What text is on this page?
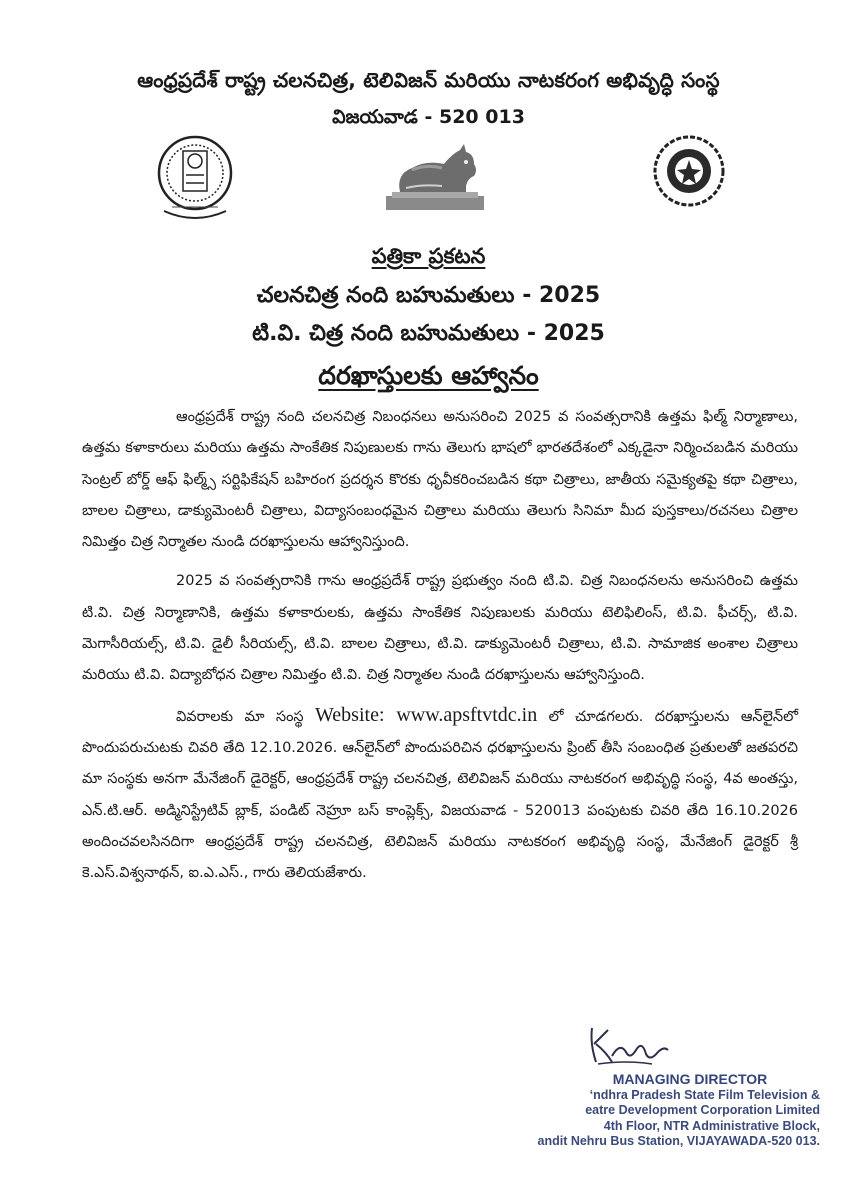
ఆంధ్రప్రదేశ్ రాష్ట్ర చలనచిత్ర, టెలివిజన్ మరియు నాటకరంగ అభివృద్ధి సంస్థ
విజయవాడ - 520 013
పత్రికా ప్రకటన
చలనచిత్ర నంది బహుమతులు - 2025
టి.వి. చిత్ర నంది బహుమతులు - 2025
దరఖాస్తులకు ఆహ్వానం

ఆంధ్రప్రదేశ్ రాష్ట్ర నంది చలనచిత్ర నిబంధనలు అనుసరించి 2025 వ సంవత్సరానికి ఉత్తమ ఫిల్మ్ నిర్మాణాలు, ఉత్తమ కళాకారులు మరియు ఉత్తమ సాంకేతిక నిపుణులకు గాను తెలుగు భాషలో భారతదేశంలో ఎక్కడైనా నిర్మించబడిన మరియు సెంట్రల్ బోర్డ్ ఆఫ్ ఫిల్మ్స్ సర్టిఫికేషన్ బహిరంగ ప్రదర్శన కొరకు ధృవీకరించబడిన కథా చిత్రాలు, జాతీయ సమైక్యతపై కథా చిత్రాలు, బాలల చిత్రాలు, డాక్యుమెంటరీ చిత్రాలు, విద్యాసంబంధమైన చిత్రాలు మరియు తెలుగు సినిమా మీద పుస్తకాలు/రచనలు చిత్రాల నిమిత్తం చిత్ర నిర్మాతల నుండి దరఖాస్తులను ఆహ్వానిస్తుంది.

2025 వ సంవత్సరానికి గాను ఆంధ్రప్రదేశ్ రాష్ట్ర ప్రభుత్వం నంది టి.వి. చిత్ర నిబంధనలను అనుసరించి ఉత్తమ టి.వి. చిత్ర నిర్మాణానికి, ఉత్తమ కళాకారులకు, ఉత్తమ సాంకేతిక నిపుణులకు మరియు టెలిఫిలింస్, టి.వి. ఫీచర్స్, టి.వి. మెగాసీరియల్స్, టి.వి. డైలీ సీరియల్స్, టి.వి. బాలల చిత్రాలు, టి.వి. డాక్యుమెంటరీ చిత్రాలు, టి.వి. సామాజిక అంశాల చిత్రాలు మరియు టి.వి. విద్యాబోధన చిత్రాల నిమిత్తం టి.వి. చిత్ర నిర్మాతల నుండి దరఖాస్తులను ఆహ్వానిస్తుంది.

వివరాలకు మా సంస్థ Website: www.apsftvtdc.in లో చూడగలరు. దరఖాస్తులను ఆన్‌లైన్‌లో పొందుపరుచుటకు చివరి తేది 12.10.2026. ఆన్‌లైన్‌లో పొందుపరిచిన ధరఖాస్తులను ప్రింట్ తీసి సంబంధిత ప్రతులతో జతపరచి మా సంస్థకు అనగా మేనేజింగ్ డైరెక్టర్, ఆంధ్రప్రదేశ్ రాష్ట్ర చలనచిత్ర, టెలివిజన్ మరియు నాటకరంగ అభివృద్ధి సంస్థ, 4వ అంతస్తు, ఎన్.టి.ఆర్. అడ్మినిస్ట్రేటివ్ బ్లాక్, పండిట్ నెహ్రూ బస్ కాంప్లెక్స్, విజయవాడ - 520013 పంపుటకు చివరి తేది 16.10.2026 అందించవలసినదిగా ఆంధ్రప్రదేశ్ రాష్ట్ర చలనచిత్ర, టెలివిజన్ మరియు నాటకరంగ అభివృద్ధి సంస్థ, మేనేజింగ్ డైరెక్టర్ శ్రీ కె.ఎస్.విశ్వనాథన్, ఐ.ఎ.ఎస్., గారు తెలియజేశారు.

MANAGING DIRECTOR
‘ndhra Pradesh State Film Television &
eatre Development Corporation Limited
4th Floor, NTR Administrative Block,
andit Nehru Bus Station, VIJAYAWADA-520 013.
